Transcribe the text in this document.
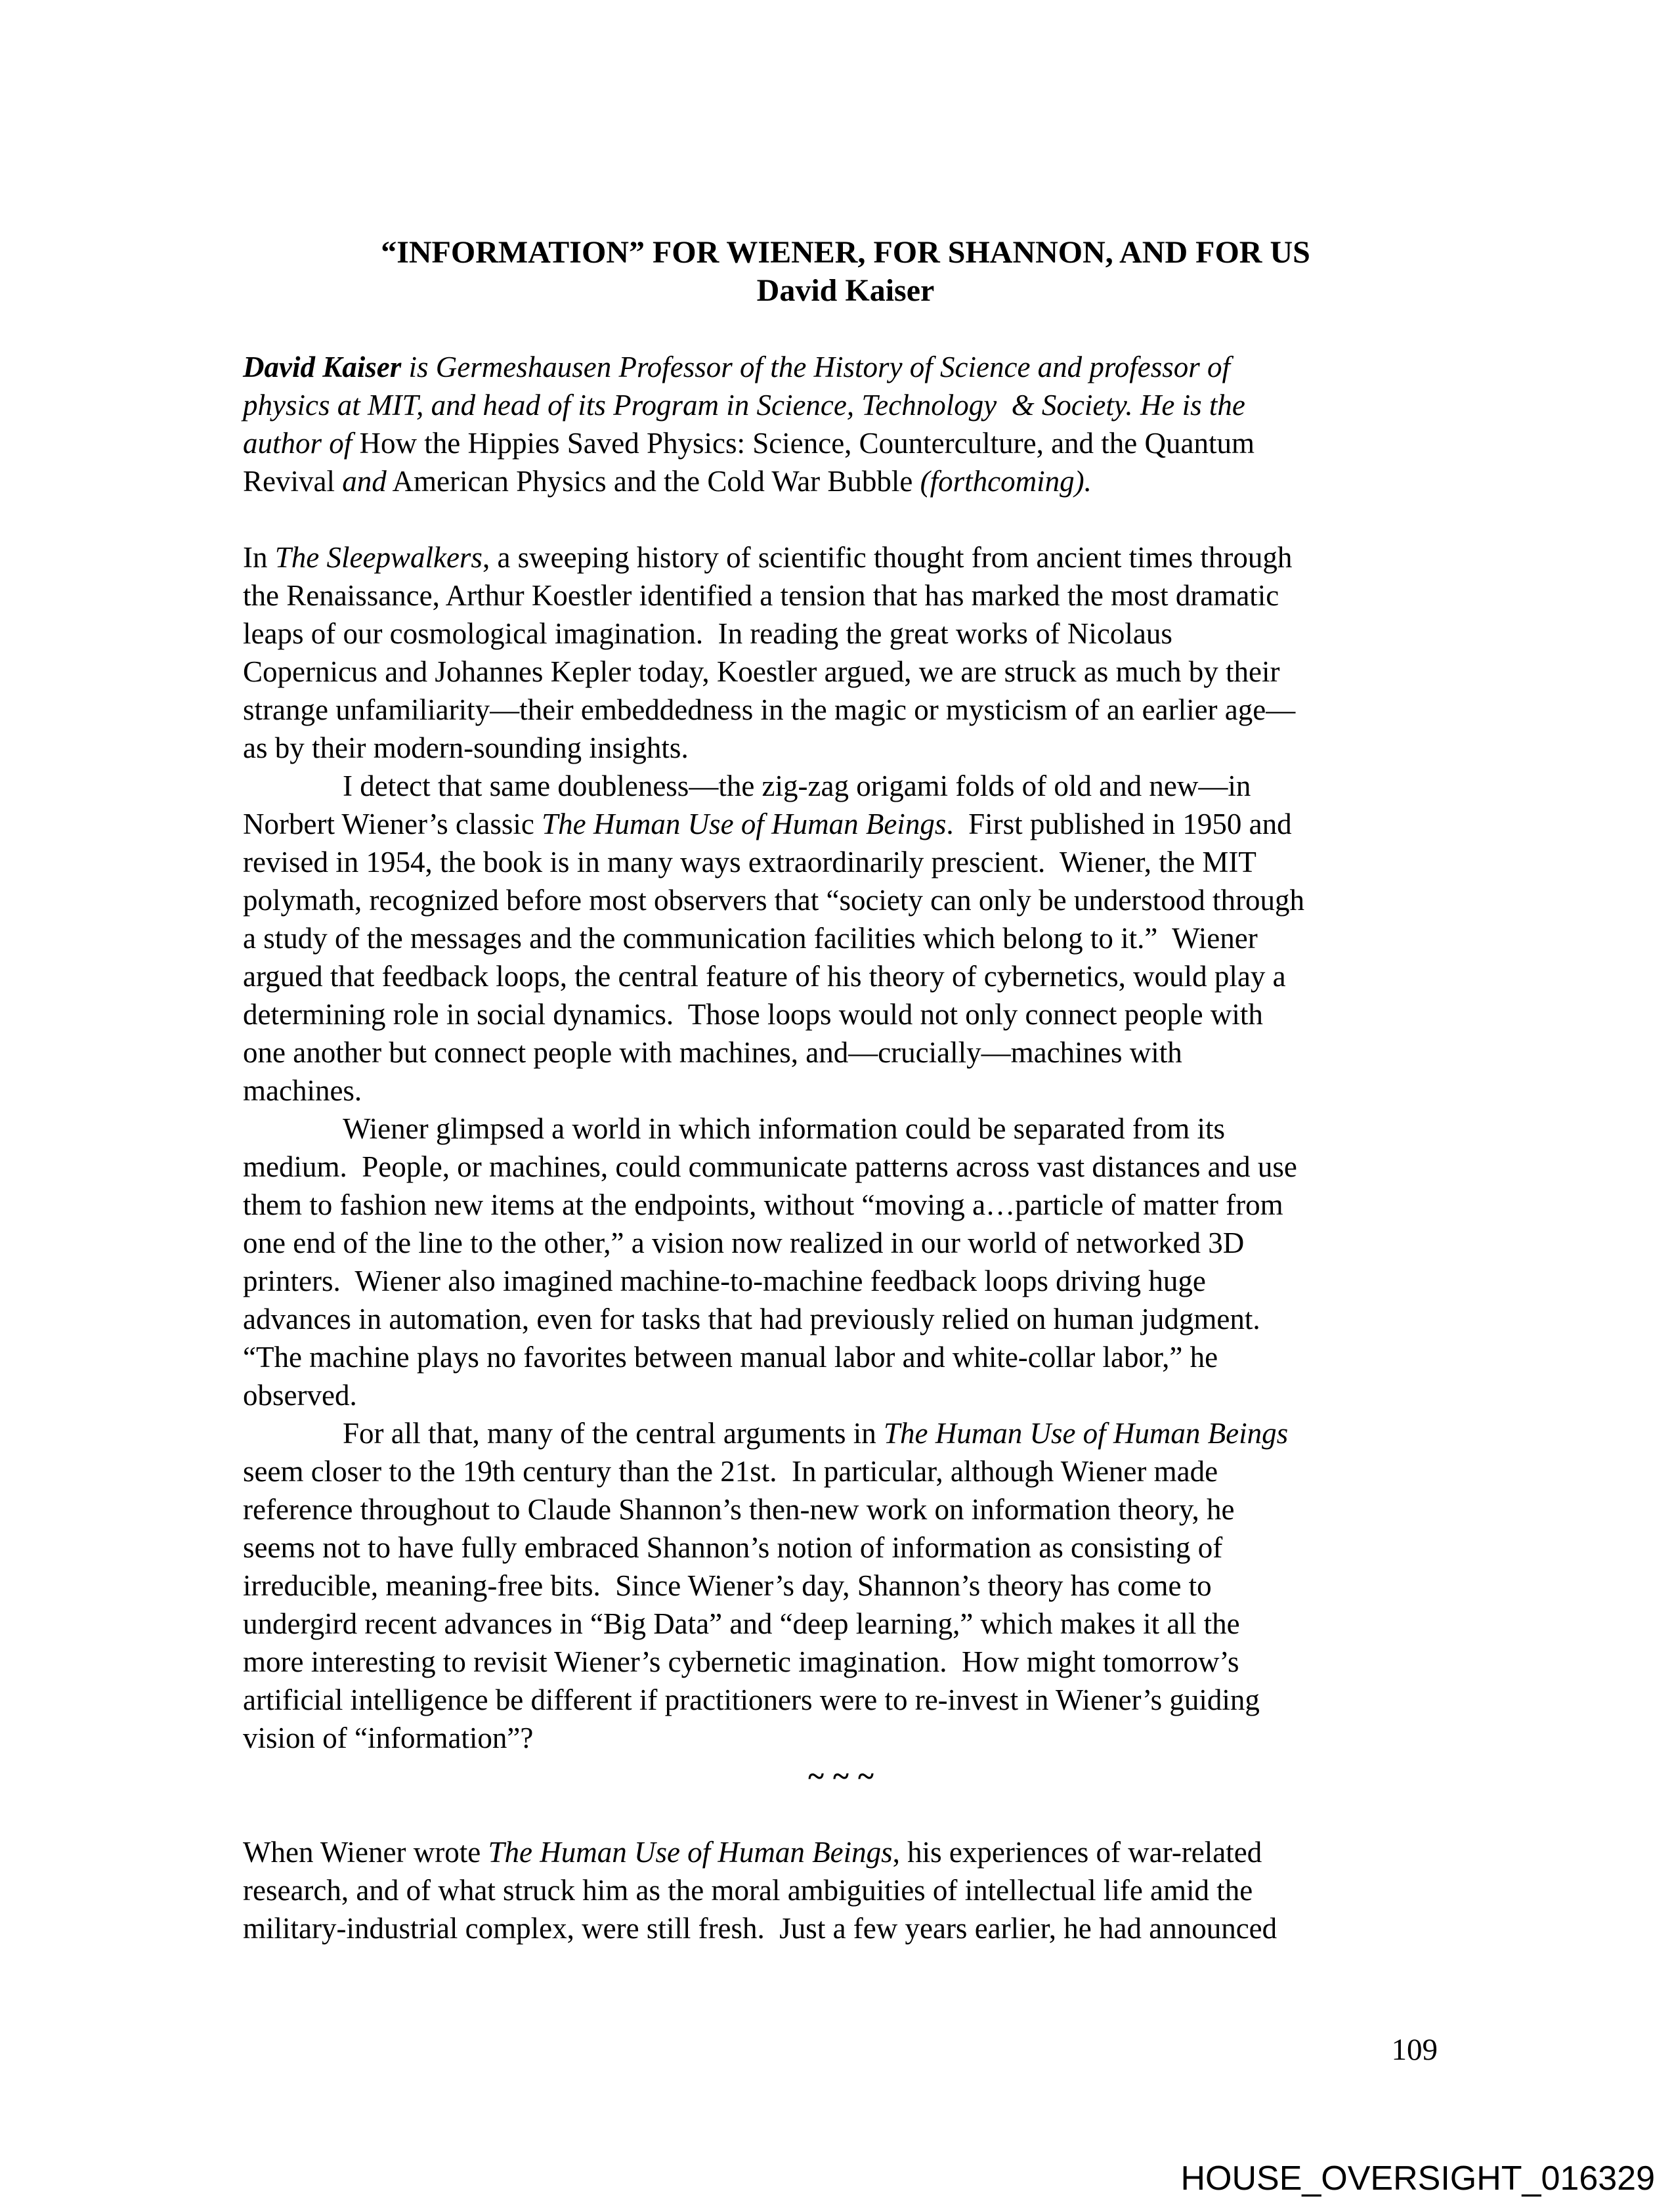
“INFORMATION” FOR WIENER, FOR SHANNON, AND FOR US
David Kaiser
David Kaiser is Germeshausen Professor of the History of Science and professor of
physics at MIT, and head of its Program in Science, Technology  & Society. He is the
author of How the Hippies Saved Physics: Science, Counterculture, and the Quantum
Revival and American Physics and the Cold War Bubble (forthcoming).
In The Sleepwalkers, a sweeping history of scientific thought from ancient times through
the Renaissance, Arthur Koestler identified a tension that has marked the most dramatic
leaps of our cosmological imagination.  In reading the great works of Nicolaus
Copernicus and Johannes Kepler today, Koestler argued, we are struck as much by their
strange unfamiliarity—their embeddedness in the magic or mysticism of an earlier age—
as by their modern-sounding insights.
I detect that same doubleness—the zig-zag origami folds of old and new—in
Norbert Wiener’s classic The Human Use of Human Beings.  First published in 1950 and
revised in 1954, the book is in many ways extraordinarily prescient.  Wiener, the MIT
polymath, recognized before most observers that “society can only be understood through
a study of the messages and the communication facilities which belong to it.”  Wiener
argued that feedback loops, the central feature of his theory of cybernetics, would play a
determining role in social dynamics.  Those loops would not only connect people with
one another but connect people with machines, and—crucially—machines with
machines.
Wiener glimpsed a world in which information could be separated from its
medium.  People, or machines, could communicate patterns across vast distances and use
them to fashion new items at the endpoints, without “moving a…particle of matter from
one end of the line to the other,” a vision now realized in our world of networked 3D
printers.  Wiener also imagined machine-to-machine feedback loops driving huge
advances in automation, even for tasks that had previously relied on human judgment.
“The machine plays no favorites between manual labor and white-collar labor,” he
observed.
For all that, many of the central arguments in The Human Use of Human Beings
seem closer to the 19th century than the 21st.  In particular, although Wiener made
reference throughout to Claude Shannon’s then-new work on information theory, he
seems not to have fully embraced Shannon’s notion of information as consisting of
irreducible, meaning-free bits.  Since Wiener’s day, Shannon’s theory has come to
undergird recent advances in “Big Data” and “deep learning,” which makes it all the
more interesting to revisit Wiener’s cybernetic imagination.  How might tomorrow’s
artificial intelligence be different if practitioners were to re-invest in Wiener’s guiding
vision of “information”?
~~~
When Wiener wrote The Human Use of Human Beings, his experiences of war-related
research, and of what struck him as the moral ambiguities of intellectual life amid the
military-industrial complex, were still fresh.  Just a few years earlier, he had announced
109
HOUSE_OVERSIGHT_016329
